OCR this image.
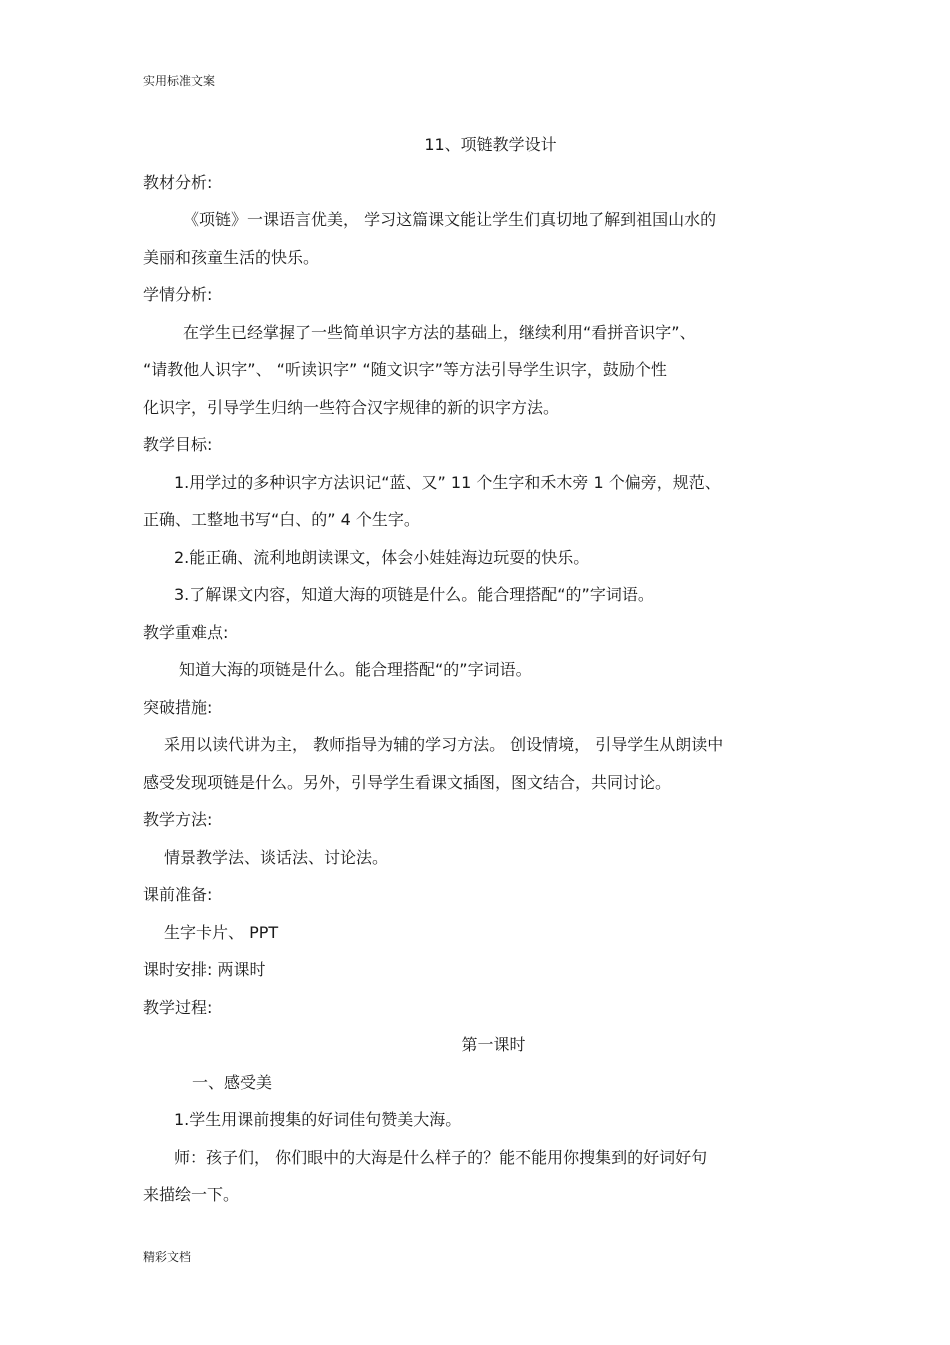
实用标准文案

11、项链教学设计

教材分析:

《项链》一课语言优美， 学习这篇课文能让学生们真切地了解到祖国山水的

美丽和孩童生活的快乐。

学情分析:

在学生已经掌握了一些简单识字方法的基础上，继续利用“看拼音识字”、

“请教他人识字”、 “听读识字” “随文识字”等方法引导学生识字，鼓励个性

化识字，引导学生归纳一些符合汉字规律的新的识字方法。

教学目标:

1.用学过的多种识字方法识记“蓝、又” 11 个生字和禾木旁 1 个偏旁，规范、

正确、工整地书写“白、的” 4 个生字。

2.能正确、流利地朗读课文，体会小娃娃海边玩耍的快乐。

3.了解课文内容，知道大海的项链是什么。能合理搭配“的”字词语。

教学重难点:

知道大海的项链是什么。能合理搭配“的”字词语。

突破措施:

采用以读代讲为主， 教师指导为辅的学习方法。 创设情境， 引导学生从朗读中

感受发现项链是什么。另外，引导学生看课文插图，图文结合，共同讨论。

教学方法:

情景教学法、谈话法、讨论法。

课前准备:

生字卡片、 PPT

课时安排: 两课时

教学过程:

第一课时

一、感受美

1.学生用课前搜集的好词佳句赞美大海。

师：孩子们， 你们眼中的大海是什么样子的？能不能用你搜集到的好词好句

来描绘一下。

精彩文档
